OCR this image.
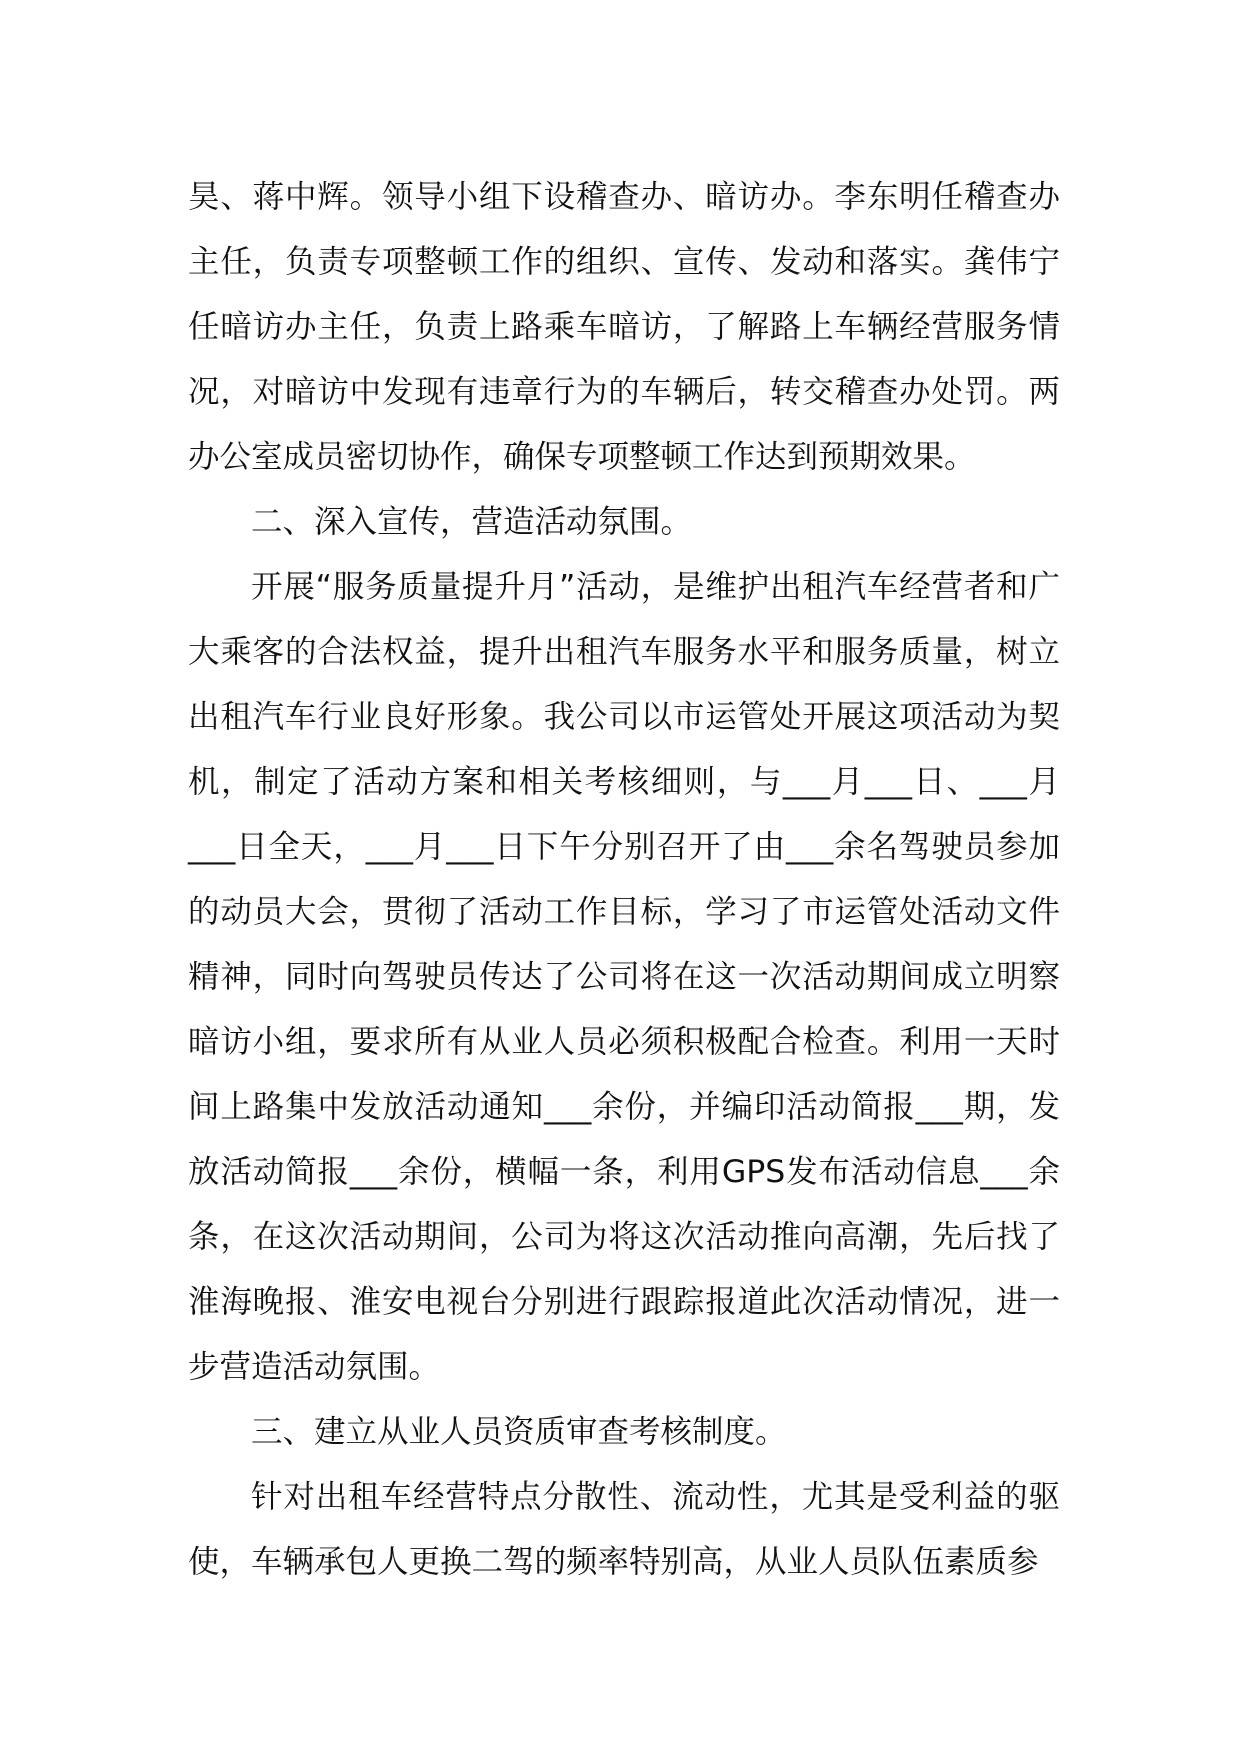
昊、蒋中辉。领导小组下设稽查办、暗访办。李东明任稽查办主任，负责专项整顿工作的组织、宣传、发动和落实。龚伟宁任暗访办主任，负责上路乘车暗访，了解路上车辆经营服务情况，对暗访中发现有违章行为的车辆后，转交稽查办处罚。两办公室成员密切协作，确保专项整顿工作达到预期效果。

二、深入宣传，营造活动氛围。

开展“服务质量提升月”活动，是维护出租汽车经营者和广大乘客的合法权益，提升出租汽车服务水平和服务质量，树立出租汽车行业良好形象。我公司以市运管处开展这项活动为契机，制定了活动方案和相关考核细则，与___月___日、___月___日全天，___月___日下午分别召开了由___余名驾驶员参加的动员大会，贯彻了活动工作目标，学习了市运管处活动文件精神，同时向驾驶员传达了公司将在这一次活动期间成立明察暗访小组，要求所有从业人员必须积极配合检查。利用一天时间上路集中发放活动通知___余份，并编印活动简报___期，发放活动简报___余份，横幅一条，利用GPS发布活动信息___余条，在这次活动期间，公司为将这次活动推向高潮，先后找了淮海晚报、淮安电视台分别进行跟踪报道此次活动情况，进一步营造活动氛围。

三、建立从业人员资质审查考核制度。

针对出租车经营特点分散性、流动性，尤其是受利益的驱使，车辆承包人更换二驾的频率特别高，从业人员队伍素质参
